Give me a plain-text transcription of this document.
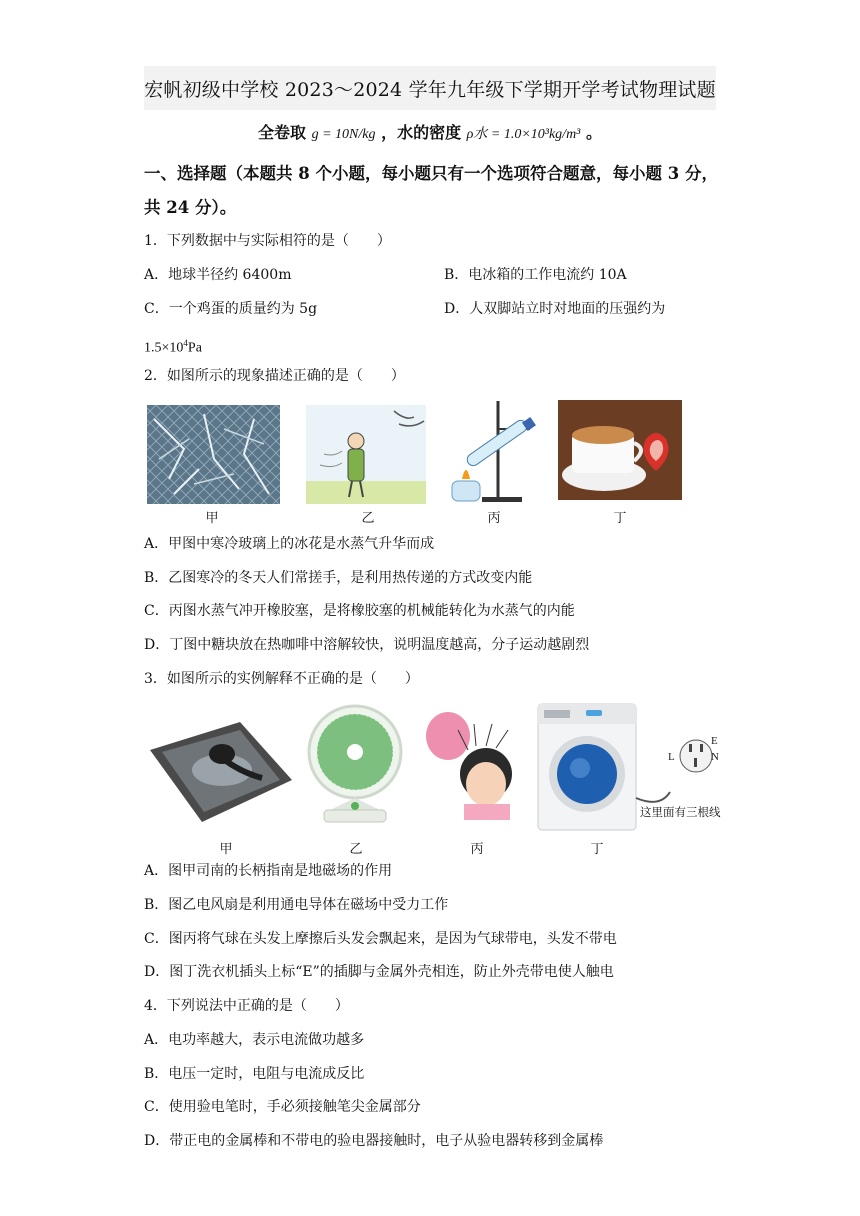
宏帆初级中学校 2023～2024 学年九年级下学期开学考试物理试题
全卷取 g = 10N/kg ，水的密度 ρ水 = 1.0×10³kg/m³ 。
一、选择题（本题共 8 个小题，每小题只有一个选项符合题意，每小题 3 分，
共 24 分）。
1．下列数据中与实际相符的是（　　）
A．地球半径约 6400m	B．电冰箱的工作电流约 10A
C．一个鸡蛋的质量约为 5g	D．人双脚站立时对地面的压强约为
$1.5\times 10^4Pa$
2．如图所示的现象描述正确的是（　　）
甲	乙	丙	丁
A．甲图中寒冷玻璃上的冰花是水蒸气升华而成
B．乙图寒冷的冬天人们常搓手，是利用热传递的方式改变内能
C．丙图水蒸气冲开橡胶塞，是将橡胶塞的机械能转化为水蒸气的内能
D．丁图中糖块放在热咖啡中溶解较快，说明温度越高，分子运动越剧烈
3．如图所示的实例解释不正确的是（　　）
L
E
N
这里面有三根线
甲	乙	丙	丁
A．图甲司南的长柄指南是地磁场的作用
B．图乙电风扇是利用通电导体在磁场中受力工作
C．图丙将气球在头发上摩擦后头发会飘起来，是因为气球带电，头发不带电
D．图丁洗衣机插头上标“E”的插脚与金属外壳相连，防止外壳带电使人触电
4．下列说法中正确的是（　　）
A．电功率越大，表示电流做功越多
B．电压一定时，电阻与电流成反比
C．使用验电笔时，手必须接触笔尖金属部分
D．带正电的金属棒和不带电的验电器接触时，电子从验电器转移到金属棒
